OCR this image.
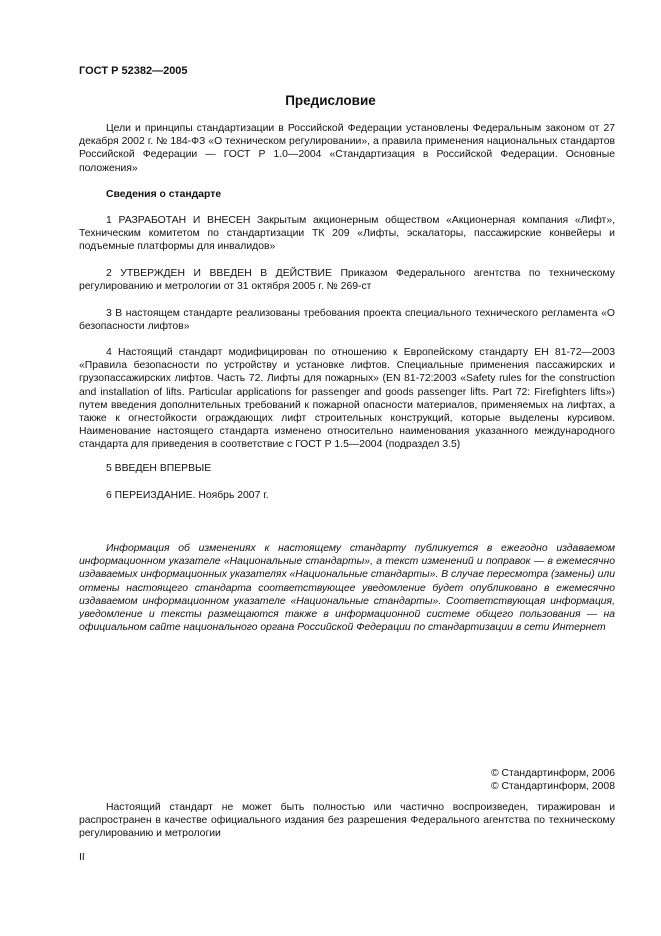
ГОСТ Р 52382—2005
Предисловие
Цели и принципы стандартизации в Российской Федерации установлены Федеральным законом от 27 декабря 2002 г. № 184-ФЗ «О техническом регулировании», а правила применения национальных стандартов Российской Федерации — ГОСТ Р 1.0—2004 «Стандартизация в Российской Федерации. Основные положения»
Сведения о стандарте
1 РАЗРАБОТАН И ВНЕСЕН Закрытым акционерным обществом «Акционерная компания «Лифт», Техническим комитетом по стандартизации ТК 209 «Лифты, эскалаторы, пассажирские конвейеры и подъемные платформы для инвалидов»
2 УТВЕРЖДЕН И ВВЕДЕН В ДЕЙСТВИЕ Приказом Федерального агентства по техническому регулированию и метрологии от 31 октября 2005 г. № 269-ст
3 В настоящем стандарте реализованы требования проекта специального технического регламента «О безопасности лифтов»
4 Настоящий стандарт модифицирован по отношению к Европейскому стандарту ЕН 81-72—2003 «Правила безопасности по устройству и установке лифтов. Специальные применения пассажирских и грузопассажирских лифтов. Часть 72. Лифты для пожарных» (EN 81-72:2003 «Safety rules for the construction and installation of lifts. Particular applications for passenger and goods passenger lifts. Part 72: Firefighters lifts») путем введения дополнительных требований к пожарной опасности материалов, применяемых на лифтах, а также к огнестойкости ограждающих лифт строительных конструкций, которые выделены курсивом. Наименование настоящего стандарта изменено относительно наименования указанного международного стандарта для приведения в соответствие с ГОСТ Р 1.5—2004 (подраздел 3.5)
5 ВВЕДЕН ВПЕРВЫЕ
6 ПЕРЕИЗДАНИЕ. Ноябрь 2007 г.
Информация об изменениях к настоящему стандарту публикуется в ежегодно издаваемом информационном указателе «Национальные стандарты», а текст изменений и поправок — в ежемесячно издаваемых информационных указателях «Национальные стандарты». В случае пересмотра (замены) или отмены настоящего стандарта соответствующее уведомление будет опубликовано в ежемесячно издаваемом информационном указателе «Национальные стандарты». Соответствующая информация, уведомление и тексты размещаются также в информационной системе общего пользования — на официальном сайте национального органа Российской Федерации по стандартизации в сети Интернет
© Стандартинформ, 2006
© Стандартинформ, 2008
Настоящий стандарт не может быть полностью или частично воспроизведен, тиражирован и распространен в качестве официального издания без разрешения Федерального агентства по техническому регулированию и метрологии
II
